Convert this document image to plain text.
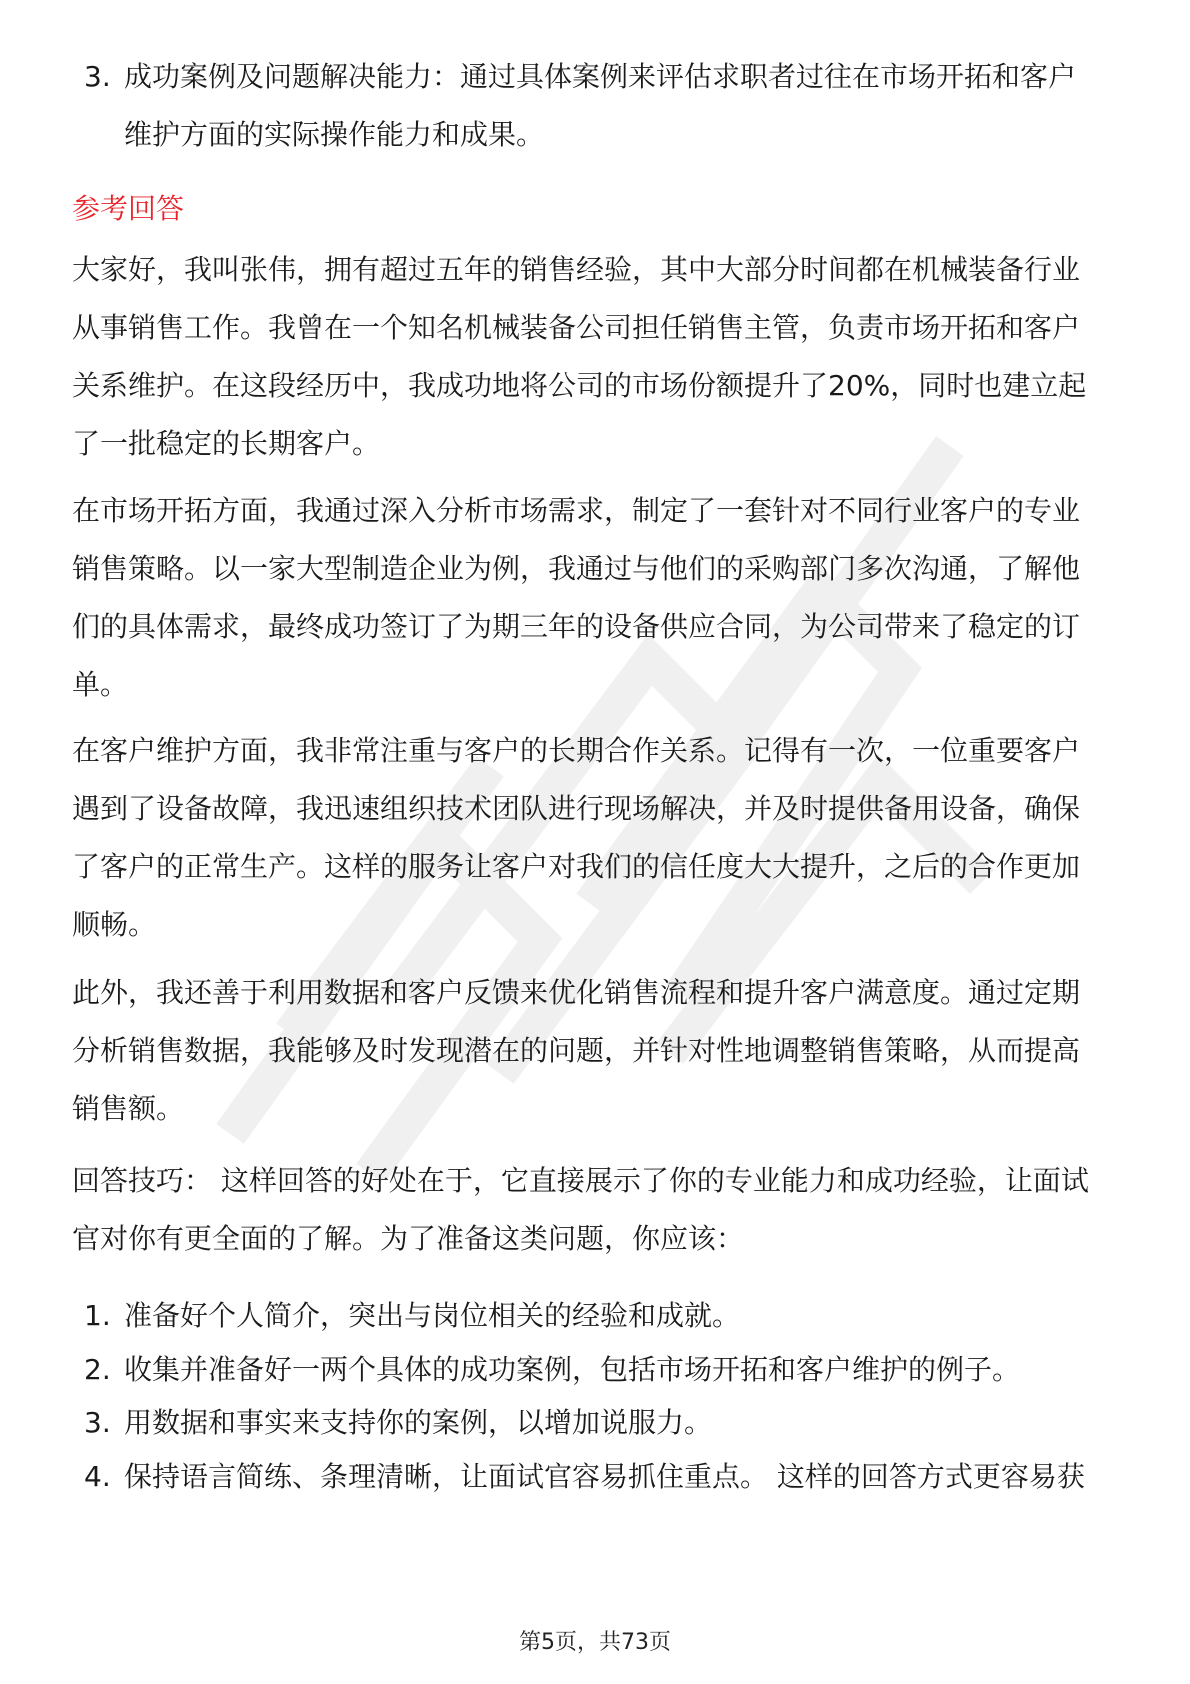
3. 成功案例及问题解决能力：通过具体案例来评估求职者过往在市场开拓和客户
维护方面的实际操作能力和成果。
参考回答
大家好，我叫张伟，拥有超过五年的销售经验，其中大部分时间都在机械装备行业
从事销售工作。我曾在一个知名机械装备公司担任销售主管，负责市场开拓和客户
关系维护。在这段经历中，我成功地将公司的市场份额提升了20%，同时也建立起
了一批稳定的长期客户。
在市场开拓方面，我通过深入分析市场需求，制定了一套针对不同行业客户的专业
销售策略。以一家大型制造企业为例，我通过与他们的采购部门多次沟通，了解他
们的具体需求，最终成功签订了为期三年的设备供应合同，为公司带来了稳定的订
单。
在客户维护方面，我非常注重与客户的长期合作关系。记得有一次，一位重要客户
遇到了设备故障，我迅速组织技术团队进行现场解决，并及时提供备用设备，确保
了客户的正常生产。这样的服务让客户对我们的信任度大大提升，之后的合作更加
顺畅。
此外，我还善于利用数据和客户反馈来优化销售流程和提升客户满意度。通过定期
分析销售数据，我能够及时发现潜在的问题，并针对性地调整销售策略，从而提高
销售额。
回答技巧： 这样回答的好处在于，它直接展示了你的专业能力和成功经验，让面试
官对你有更全面的了解。为了准备这类问题，你应该：
1. 准备好个人简介，突出与岗位相关的经验和成就。
2. 收集并准备好一两个具体的成功案例，包括市场开拓和客户维护的例子。
3. 用数据和事实来支持你的案例，以增加说服力。
4. 保持语言简练、条理清晰，让面试官容易抓住重点。 这样的回答方式更容易获
第5页，共73页
